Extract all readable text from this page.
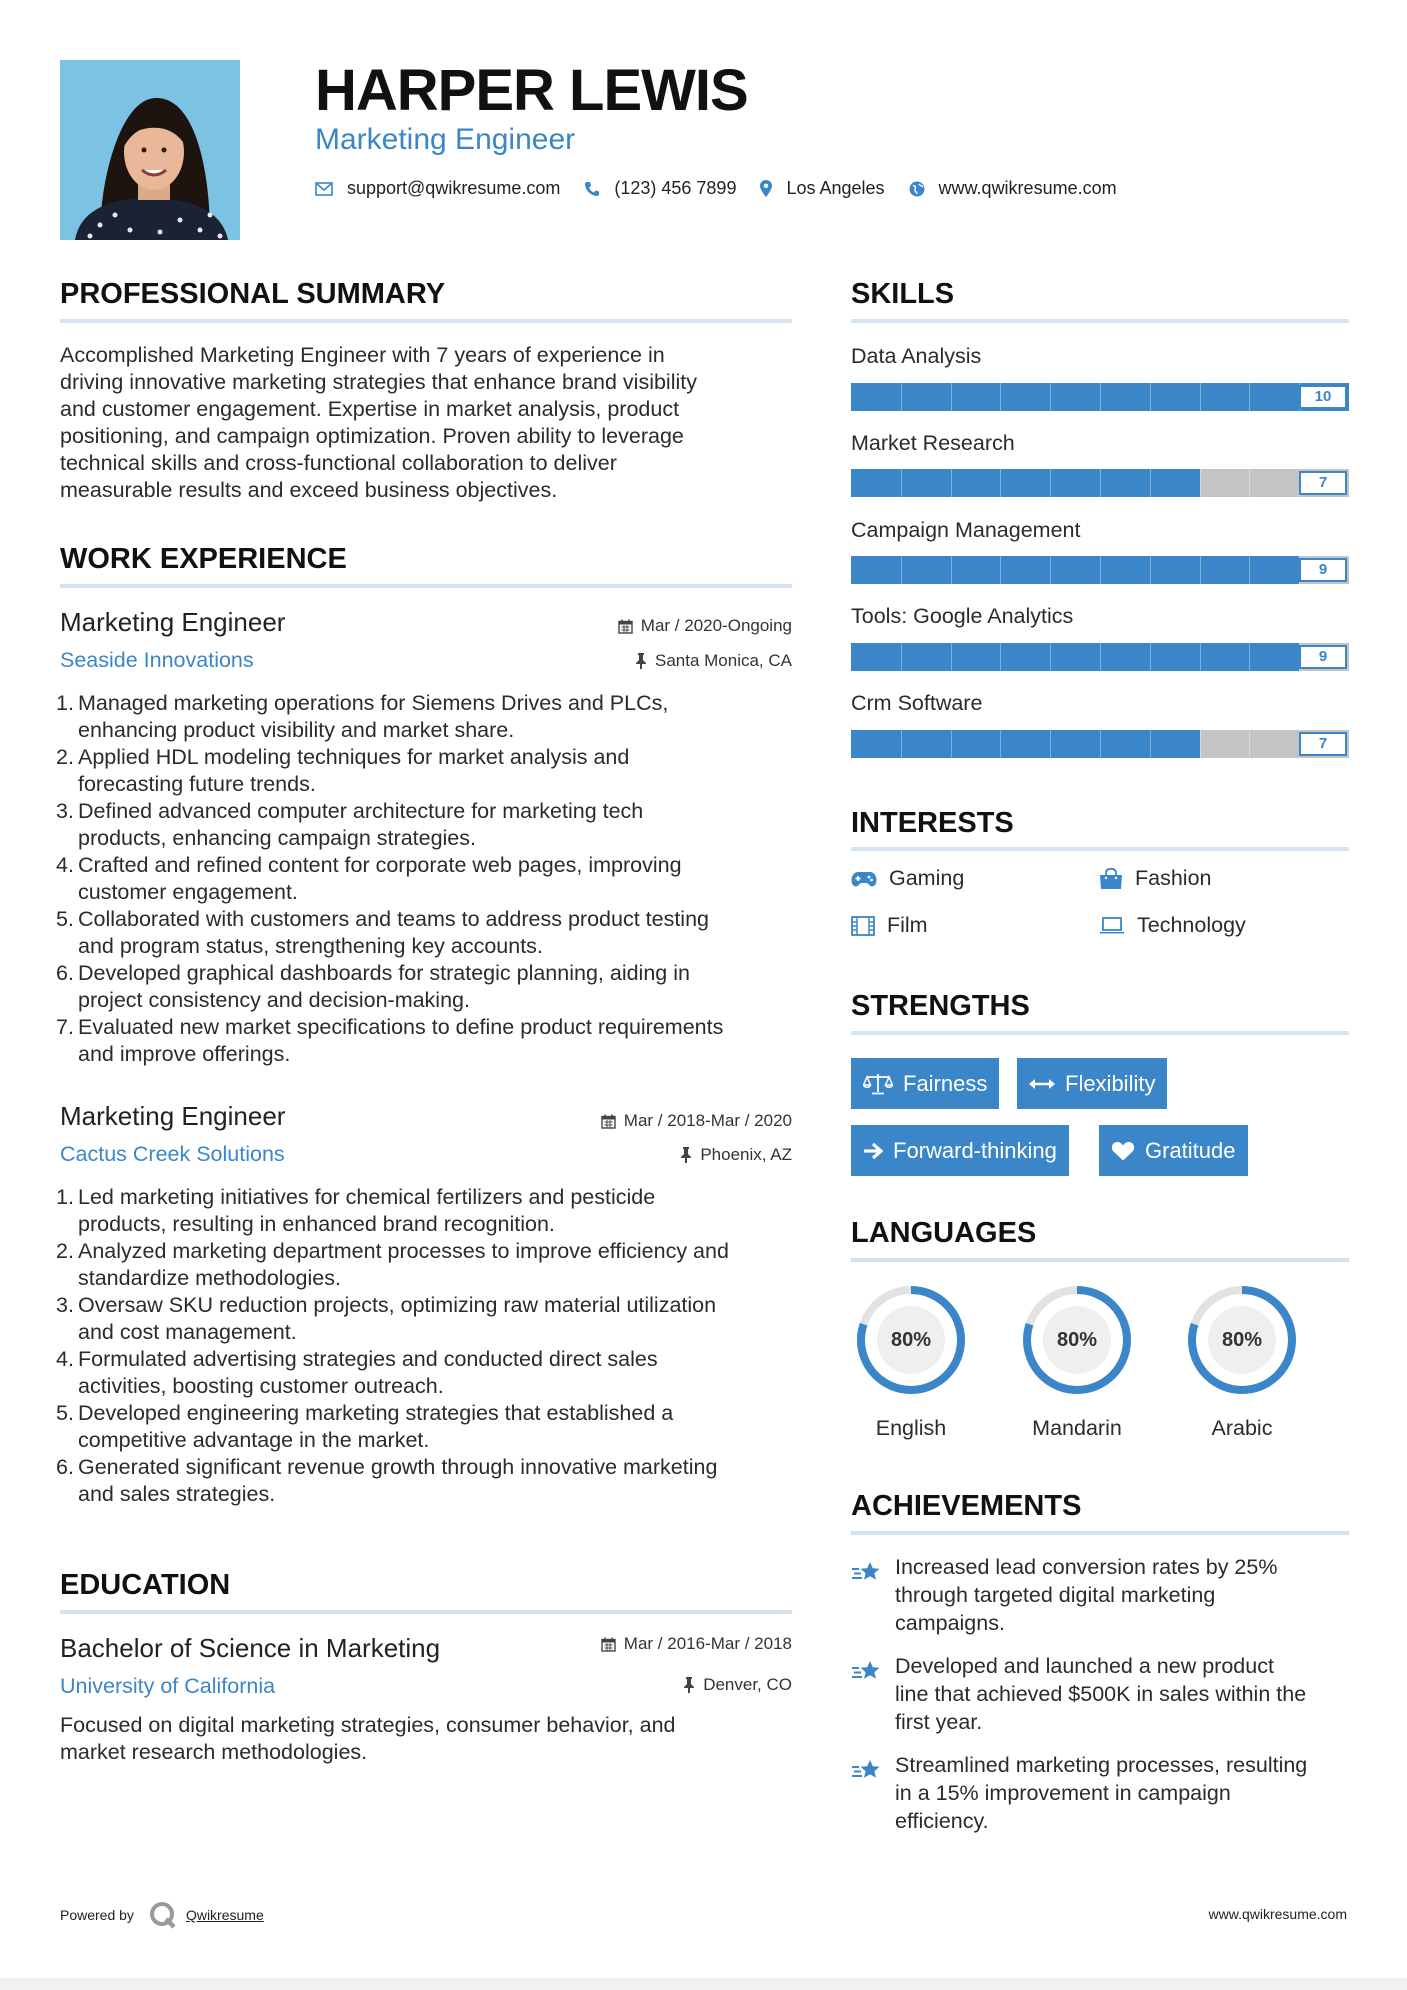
HARPER LEWIS
Marketing Engineer
support@qwikresume.com	(123) 456 7899	Los Angeles	www.qwikresume.com
PROFESSIONAL SUMMARY
Accomplished Marketing Engineer with 7 years of experience in
driving innovative marketing strategies that enhance brand visibility
and customer engagement. Expertise in market analysis, product
positioning, and campaign optimization. Proven ability to leverage
technical skills and cross-functional collaboration to deliver
measurable results and exceed business objectives.
WORK EXPERIENCE
Marketing Engineer	Mar / 2020-Ongoing
Seaside Innovations	Santa Monica, CA
1. Managed marketing operations for Siemens Drives and PLCs,
enhancing product visibility and market share.
2. Applied HDL modeling techniques for market analysis and
forecasting future trends.
3. Defined advanced computer architecture for marketing tech
products, enhancing campaign strategies.
4. Crafted and refined content for corporate web pages, improving
customer engagement.
5. Collaborated with customers and teams to address product testing
and program status, strengthening key accounts.
6. Developed graphical dashboards for strategic planning, aiding in
project consistency and decision-making.
7. Evaluated new market specifications to define product requirements
and improve offerings.
Marketing Engineer	Mar / 2018-Mar / 2020
Cactus Creek Solutions	Phoenix, AZ
1. Led marketing initiatives for chemical fertilizers and pesticide
products, resulting in enhanced brand recognition.
2. Analyzed marketing department processes to improve efficiency and
standardize methodologies.
3. Oversaw SKU reduction projects, optimizing raw material utilization
and cost management.
4. Formulated advertising strategies and conducted direct sales
activities, boosting customer outreach.
5. Developed engineering marketing strategies that established a
competitive advantage in the market.
6. Generated significant revenue growth through innovative marketing
and sales strategies.
EDUCATION
Bachelor of Science in Marketing	Mar / 2016-Mar / 2018
University of California	Denver, CO
Focused on digital marketing strategies, consumer behavior, and
market research methodologies.
SKILLS
Data Analysis
10
Market Research
7
Campaign Management
9
Tools: Google Analytics
9
Crm Software
7
INTERESTS
Gaming	Fashion
Film	Technology
STRENGTHS
Fairness	Flexibility
Forward-thinking	Gratitude
LANGUAGES
80%
English
80%
Mandarin
80%
Arabic
ACHIEVEMENTS
Increased lead conversion rates by 25%
through targeted digital marketing
campaigns.
Developed and launched a new product
line that achieved $500K in sales within the
first year.
Streamlined marketing processes, resulting
in a 15% improvement in campaign
efficiency.
Powered by	Qwikresume	www.qwikresume.com
